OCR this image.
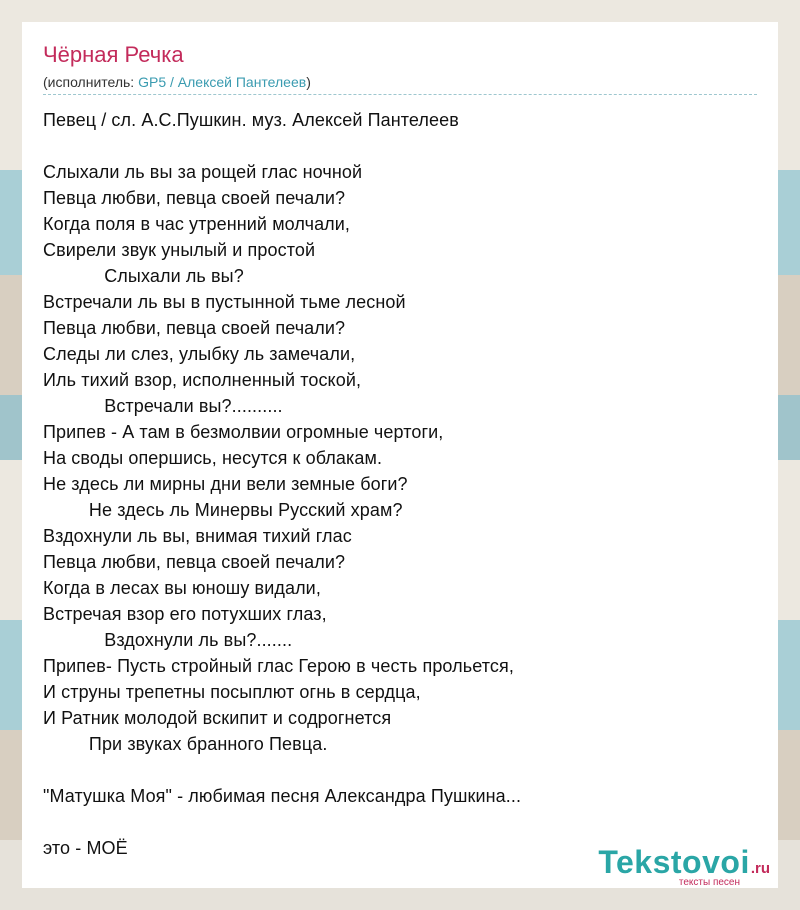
Чёрная Речка
(исполнитель: GP5 / Алексей Пантелеев)
Певец / сл. А.С.Пушкин. муз. Алексей Пантелеев

Слыхали ль вы за рощей глас ночной
Певца любви, певца своей печали?
Когда поля в час утренний молчали,
Свирели звук унылый и простой
Слыхали ль вы?
Встречали ль вы в пустынной тьме лесной
Певца любви, певца своей печали?
Следы ли слез, улыбку ль замечали,
Иль тихий взор, исполненный тоской,
Встречали вы?..........
Припев - А там в безмолвии огромные чертоги,
На своды опершись, несутся к облакам.
Не здесь ли мирны дни вели земные боги?
Не здесь ль Минервы Русский храм?
Вздохнули ль вы, внимая тихий глас
Певца любви, певца своей печали?
Когда в лесах вы юношу видали,
Встречая взор его потухших глаз,
Вздохнули ль вы?.......
Припев- Пусть стройный глас Герою в честь прольется,
И струны трепетны посыплют огнь в сердца,
И Ратник молодой вскипит и содрогнется
При звуках бранного Певца.

"Матушка Моя" - любимая песня Александра Пушкина...

это - МОЁ	Tekstovoi.ru
тексты песен
